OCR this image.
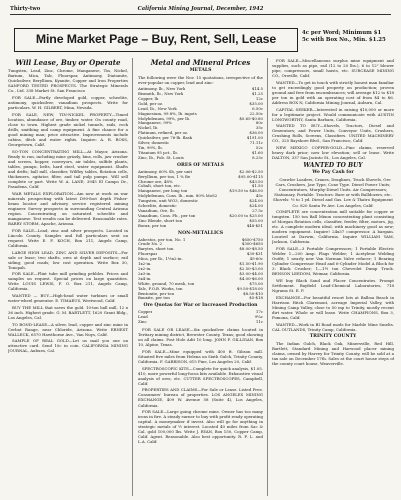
Thirty-two	California Mining Journal, December, 1942
Mine Market Page – Buy, Rent, Sell, Lease	4c per Word; Minimum $1
5c with Box No., Min. $1.25
Will Lease, Buy or Operate
Tungsten, Lead, Zinc, Chrome, Manganese, Tin, Nickel, Barium, Mica, Talc, Fluorspar, Antimony, Diatomite, Quicksilver, Beryllium, Kyanite, Copper and Iron Properties SANFORD TESTED PROSPECTS. The Strategic Minerals Co., Ltd. 338 Market St. San Francisco
FOR SALE—Partly developed gold, copper, scheelite, antimony, quicksilver, vanadium prospects. Write for particulars. W. H. GILBERT, Mina, Nevada.
FOR SALE, NEW, TIN-NICKEL PROPERTY—Timed location, abundance of ore, timber, water. On county road, close to town. Highest grade nickel tunnels, rails, rock drills, smithing and camp equipment. A fine chance for a good mining man; price attractive. Improvements include cabins, ditch and water rights. Inquire: A. R. ROSS, Georgetown, Calif.
SO-TON CONCENTRATING MILL—At Mayor, Arizona. Ready to run, including mine grizzly, bins, rolls, jaw crusher and screen, hopper, conveyors, air tables, sulfide plants, tables, pumps, belts, hard steel, water equipment. Shafts and drifts; ball mill, classifier, Wilfley tables, flotation cells, thickeners, agitator, filter, and tail pulp pumps. Will sell complete or part. Write W. A. LANE, 3945 El Campo Dr., Pasadena, Calif.
WAR METALS EXPLORATION—Am now at work on war minerals prospecting with latest D90-foot depth Fisher-beam locator and advisory service registered mining engineer. Survey prospects in surrounding Central Arizona region. Concentrating on saturated scheelite and manganese. Test results can be delivered. Reasonable rates. BARRY STORM, Apache, Arizona.
FOR SALE—Lead, zinc and silver prospects. Located in Lincoln County. Samples and full particulars sent on request. Write E. F. KOCH, Box 211, Angels Camp, California.
LARGE HIGH LEAD, ZINC AND SILVER DEPOSITS—For sale or lease; two shafts, ores at depth and surface; rail siding; good roads; low cost operation. Write Box 30, Tonopah.
FOR SALE—Flint tube mill grinding pebbles. Prices and samples on request. Special prices on large quantities. Write LOUIS LEWIS, F. O. Box 211, Angels Camp, California.
WANTED — BUY—High-head water turbines or small water-wheel generator. E. TIMAEUS, Westwood, Calif.
BUY THE MILL that saves the gold. 10-ton ball mill, 12 x 36 inch. Highest grade. G. M. BARTLETT, 1620 Grant Bldg., Los Angeles, Cal.
TO BOND-LEASE—A silver, lead, copper and zinc mine in Cerbat Range, near Chloride, Arizona. Write ERNEST WALLECK, 6570 Hawthorne Ave., Van Nuys, Calif.
SAMPLE OF REAL GOLD—Let us mail you one on attractive card. Send 10c in coin. CALIFORNIA MINING JOURNAL, Auburn, Cal.
Metal and Mineral Prices
METALS
The following were the Nov. 15 quotations, irrespective of the ever-popular on copper, lead and zinc:
Antimony, lb., New York	$14.5
Bismuth, lb., New York	$1.25
Copper, lb.	12c
Gold, per oz.	$35.00
Lead, lb., New York	6.50c
Magnesium, 99.8%, lb. ingots	22.50c
Molybdenum, 99%, per lb.	$0.65-$0.80
Manganese, 99%	80c
Nickel, lb.	35c
Platinum, refined, per oz.	$36.00
Quicksilver, per 76-lb. flask	$191.00
Silver, domestic	71.11c
Tin, 99%, lb.	52c
Titanium 95 pct., lb.	$1.60
Zinc, lb., Fob. St. Louis	8.25c
ORES OF METALS
Antimony, 60% Sb, per unit	$2.06-$2.50
Beryllium, per ton, 1 % Be	$95.00-$115
Chrome ore, 48%	$43.50
Cobalt, short ton, etc.	$1.50
Manganese, per long ton	$19.50 to $46.00
Molybdenum, Cons. lb., min. 80% MoS2	45c
Tungsten, unit WO3, domestic	$24.00
Scheelite, domestic	$24.00
Vanadium, Ore, lb.	27.5c
Vanadium, Cons. Pb., per ton	$20.00 to $25.00
Zinc Blende, short ton	$55.00
Borax, per ton	$48-$51
NON-METALLICS
Asbestos, per ton, No. 1	$650-$750
Crude No. 2	$300-$650
Barytes, short ton	$8.00-$8.50
Fluorspar	$30-$31
Mica, per lb., 1½x2-in.	45-60c
1x2-in.	$1.50-$1.90
2x2-in.	$2.50-$3.00
2x3-in.	$3.00-$4.00
3x4-in.	$4.00-$6.00
White, ground, 70 mesh, ton	$75.00
Talc, F.O.B. Works, ton	$9.50-$18.00
Bentonite, per ton	$8.50-$10
Bauxite, per ton	$5-$18
Ore Quotas for War or Increased Production
Copper	17c
Lead	9¼c
Zinc	11c
FOR SALE OR LEASE—Six quicksilver claims located in Tertiary mining district, Brewster County, Texas; good showing on all claims. Post Hole Adit 10 long. JOHN F. GILLIGAN, Box 10, Alpine, Texas.
FOR SALE—Mine equipped with 400 ft. Gibson mill. Situated five miles from Helena on Sixth Gulch, Trinity County, California. F. GARRISON, 615 Pine, Los Angeles 20, Calif.
SPECTROSCOPIC KITS—Complete for quick analysis, $1.05. $10, more powerful long-focus kits available. Exhaustive visual analysis of ores, etc. CUTTER SPECTROSCOPES, Campbell, Calif.
PROPERTIES AND CLAIMS—For Sale or Lease. Listed Free. Consumers' bureau of properties. LOS ANGELES MINING EXCHANGE, 409 W. Avenue 58 (Suite 4), Los Angeles, California.
FOR SALE—Large going chrome mine. Owner has too many irons in fire. A steady earner to buy with profit ready operating capital. A moneymaker if invest. Also will go for anything in strategic metals of ½ interest. Located 40 miles from Sac & Cal. gold 100,000 lbs. Write J. RYAN, Box 150, Copper Camp, Calif. Agent. Reasonable. Also best opportunity. R. F. L. and L.A. Calif.
FOR SALE—Miscellaneous surplus mine equipment and supplies, such as pipe, rail (12 to 20 lbs.), 6 to 12" blower pipe, compressors, small hoists, etc. SURCEASE MINING CO., Oroville, Calif.
WANTED—To get in touch with strictly honest man familiar to get exceedingly good property on production; proven ground and free from encumbrances; will average $12 to $18 per ton in gold with an operating cost of from $4 to $6. Address BOX N, California Mining Journal, Auburn, Cal.
CAPITAL SEEKER—Interested in raising $10,000 or more for a legitimate project. Would communicate with AUSTIN LONGWORTHY, Santa Barbara, California.
WANTED TO BUY—Shovels, Tractors, Diesel and Generators; and Power Units, Conveyor Units, Crushers, Crushing Rolls, Screens, Classifiers. UNITED MACHINERY CO., 325 Bayshore Blvd., San Francisco, Calif.
NEW MEXICO COPPER-GOLD—Fine claims, reserved heavy dark prior; now low elevation; sell or lease. Write DALTON, 337 San Jacinto St., Los Angeles, Cal.
WANTED TO BUY
We Pay Cash for
Crawler Loaders, Cranes, Draglines, Truck Shovels, Ore Cars, Crushers, Jaw Type, Cone Type. Diesel Power Units; Concentrators, Murphy-Diesel Units. Air Compressors; Stationary, Portable. Tractors: Bare or with Bulldozers, etc. Shovels: ½ to 1 yd. Diesel and Gas. Lee & Thatro Equipment Co. 820 Santa Fe Ave. Los Angeles, Calif.
COMPLETE ore concentration mill suitable for copper or tungsten. 150 ton Ball Mixon concentrating plant consisting of Morgan flotation cells, classifier, feeder, filter, motors, jig, etc. A complete modern ideal, with machinery good as new; modern equipment. Inquire! 24x37 compressor. A bargain. Located at Darwin, California. Inquire WILLIAM YAM, Jackson, California.
FOR SALE—3 Portable Compressors; 1 Portable Electric Welder 1—200 Amp. Flags Welder; 1 Acetylene Welding Outfit; 1 nearly new Van Norman Valve refacer; 1 Bearing Cylinder Compressor Head and 6-Cylinder Model A Block for 3: Black Crusher; 1—1½ ton Chevrolet Dump Truck. BENSON LEEDOM, Weimar, California.
WE buy Black Sand and Placer Concentrates. Prompt Settlement. Bayfield Lead-Chemical Laboratories, 718 Ngrams St. E. P.
EXCHANGE—For beautiful resort lots at Balboa Beach in Harrison Hitch Claremont, acreage Imperial Valley, with Mining Camp Valley, close to 50 mp to Trinity, mostly recent dirt water. Whole or will lease. Write CHAMPIONS, Box 3, Pomona, Calif.
WANTED—Work in BI Road mods for Marble Mine Smelts. CAL OUTLANDS, Trinity Camp, California.
TRINITY COUNTY
The Indian Gulch, Black Oak, Minersville, Red Hill, Bartlett, Standard Mining and Harwood placer mining claims, owned by Harvey for Trinity County, will be sold at a tax sale on December 17th. Sales at the court house steps of the county court house, Weaverville.
